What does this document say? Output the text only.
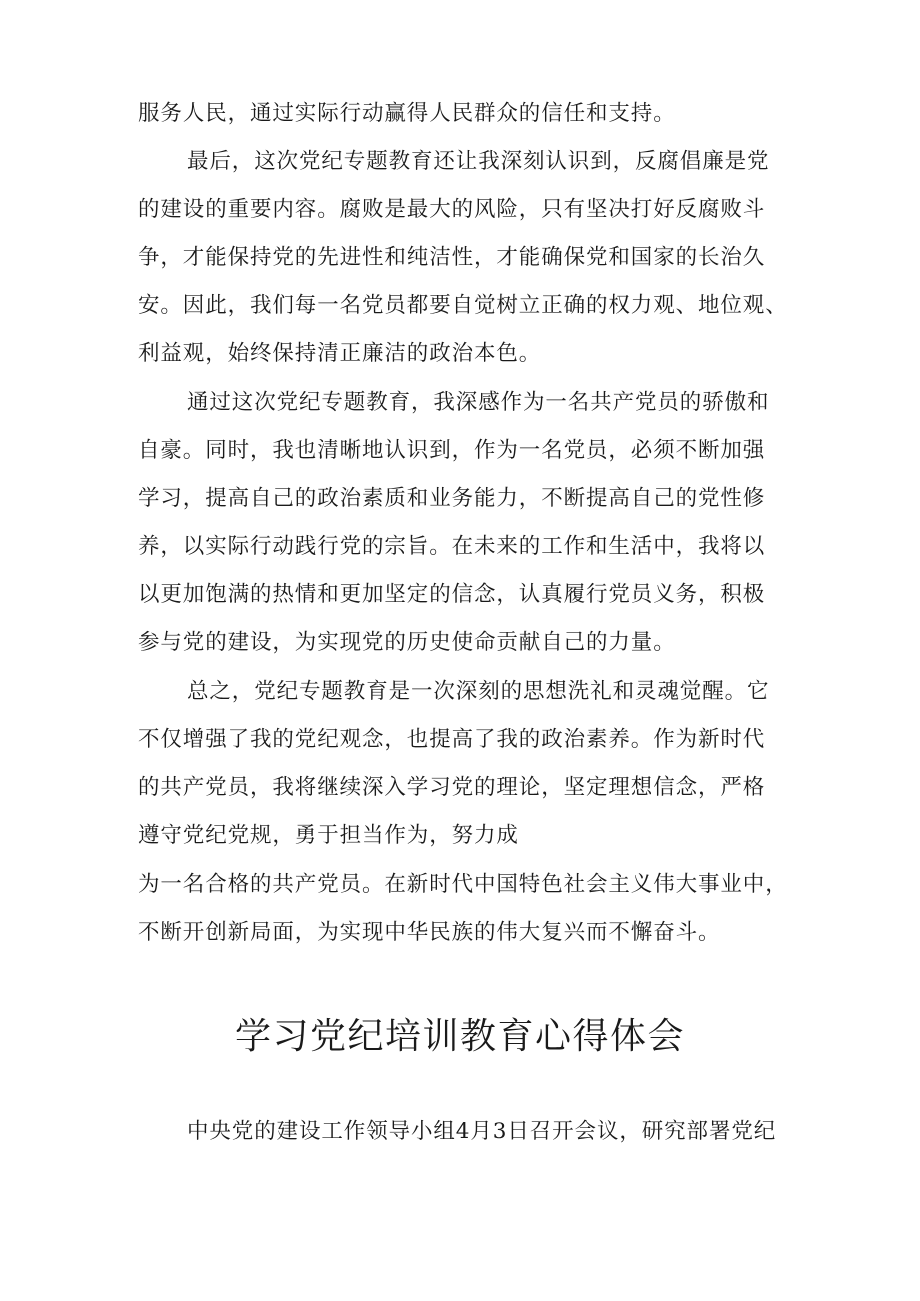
服务人民，通过实际行动赢得人民群众的信任和支持。
最后，这次党纪专题教育还让我深刻认识到，反腐倡廉是党
的建设的重要内容。腐败是最大的风险，只有坚决打好反腐败斗
争，才能保持党的先进性和纯洁性，才能确保党和国家的长治久
安。因此，我们每一名党员都要自觉树立正确的权力观、地位观、
利益观，始终保持清正廉洁的政治本色。
通过这次党纪专题教育，我深感作为一名共产党员的骄傲和
自豪。同时，我也清晰地认识到，作为一名党员，必须不断加强
学习，提高自己的政治素质和业务能力，不断提高自己的党性修
养，以实际行动践行党的宗旨。在未来的工作和生活中，我将以
以更加饱满的热情和更加坚定的信念，认真履行党员义务，积极
参与党的建设，为实现党的历史使命贡献自己的力量。
总之，党纪专题教育是一次深刻的思想洗礼和灵魂觉醒。它
不仅增强了我的党纪观念，也提高了我的政治素养。作为新时代
的共产党员，我将继续深入学习党的理论，坚定理想信念，严格
遵守党纪党规，勇于担当作为，努力成
为一名合格的共产党员。在新时代中国特色社会主义伟大事业中，
不断开创新局面，为实现中华民族的伟大复兴而不懈奋斗。
学习党纪培训教育心得体会
中央党的建设工作领导小组4月3日召开会议，研究部署党纪
